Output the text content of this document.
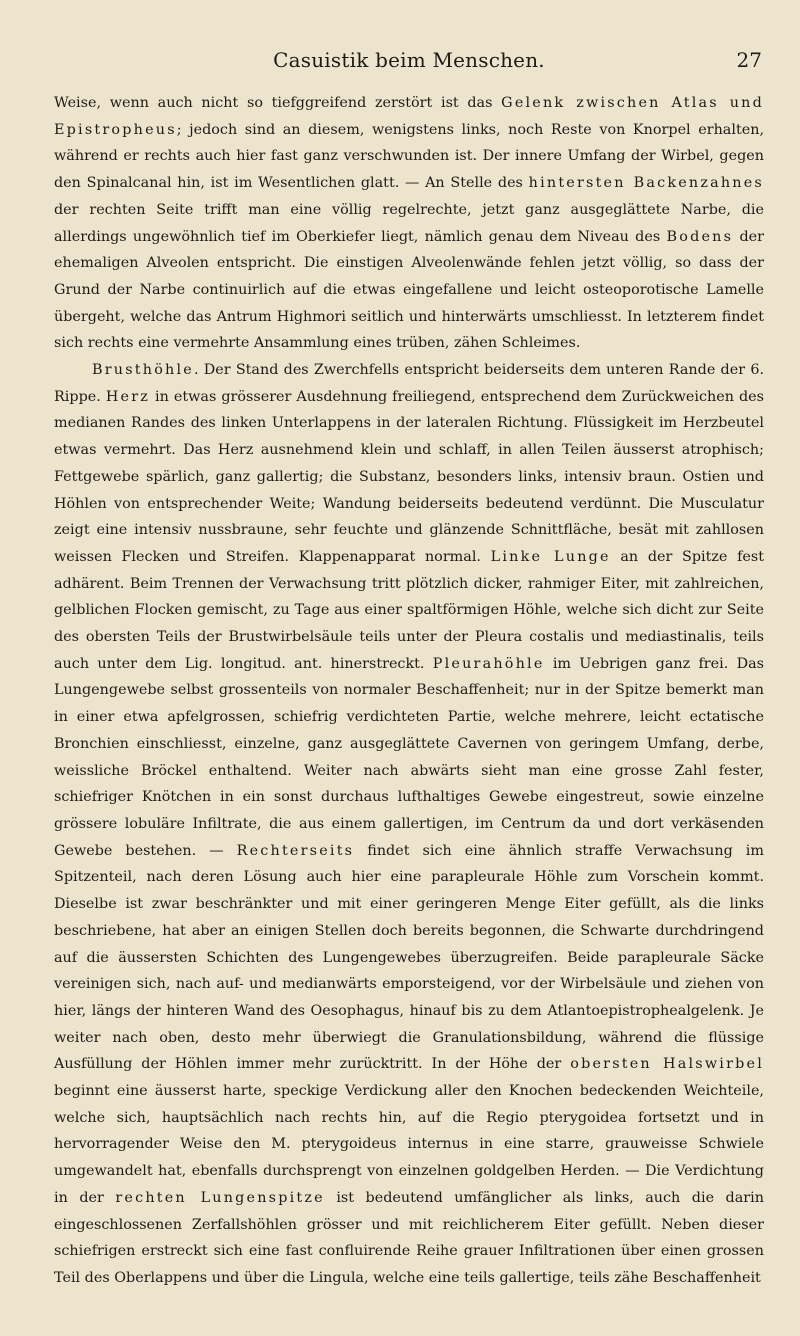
Casuistik beim Menschen.	27

Weise, wenn auch nicht so tiefggreifend zerstört ist das Gelenk zwischen Atlas und Epistropheus; jedoch sind an diesem, wenigstens links, noch Reste von Knorpel erhalten, während er rechts auch hier fast ganz verschwunden ist. Der innere Umfang der Wirbel, gegen den Spinalcanal hin, ist im Wesentlichen glatt. — An Stelle des hintersten Backenzahnes der rechten Seite trifft man eine völlig regelrechte, jetzt ganz ausgeglättete Narbe, die allerdings ungewöhnlich tief im Oberkiefer liegt, nämlich genau dem Niveau des Bodens der ehemaligen Alveolen entspricht. Die einstigen Alveolenwände fehlen jetzt völlig, so dass der Grund der Narbe continuirlich auf die etwas eingefallene und leicht osteoporotische Lamelle übergeht, welche das Antrum Highmori seitlich und hinterwärts umschliesst. In letzterem findet sich rechts eine vermehrte Ansammlung eines trüben, zähen Schleimes.

Brusthöhle. Der Stand des Zwerchfells entspricht beiderseits dem unteren Rande der 6. Rippe. Herz in etwas grösserer Ausdehnung freiliegend, entsprechend dem Zurückweichen des medianen Randes des linken Unterlappens in der lateralen Richtung. Flüssigkeit im Herzbeutel etwas vermehrt. Das Herz ausnehmend klein und schlaff, in allen Teilen äusserst atrophisch; Fettgewebe spärlich, ganz gallertig; die Substanz, besonders links, intensiv braun. Ostien und Höhlen von entsprechender Weite; Wandung beiderseits bedeutend verdünnt. Die Musculatur zeigt eine intensiv nussbraune, sehr feuchte und glänzende Schnittfläche, besät mit zahllosen weissen Flecken und Streifen. Klappenapparat normal. Linke Lunge an der Spitze fest adhärent. Beim Trennen der Verwachsung tritt plötzlich dicker, rahmiger Eiter, mit zahlreichen, gelblichen Flocken gemischt, zu Tage aus einer spaltförmigen Höhle, welche sich dicht zur Seite des obersten Teils der Brustwirbelsäule teils unter der Pleura costalis und mediastinalis, teils auch unter dem Lig. longitud. ant. hinerstreckt. Pleurahöhle im Uebrigen ganz frei. Das Lungengewebe selbst grossenteils von normaler Beschaffenheit; nur in der Spitze bemerkt man in einer etwa apfelgrossen, schiefrig verdichteten Partie, welche mehrere, leicht ectatische Bronchien einschliesst, einzelne, ganz ausgeglättete Cavernen von geringem Umfang, derbe, weissliche Bröckel enthaltend. Weiter nach abwärts sieht man eine grosse Zahl fester, schiefriger Knötchen in ein sonst durchaus lufthaltiges Gewebe eingestreut, sowie einzelne grössere lobuläre Infiltrate, die aus einem gallertigen, im Centrum da und dort verkäsenden Gewebe bestehen. — Rechterseits findet sich eine ähnlich straffe Verwachsung im Spitzenteil, nach deren Lösung auch hier eine parapleurale Höhle zum Vorschein kommt. Dieselbe ist zwar beschränkter und mit einer geringeren Menge Eiter gefüllt, als die links beschriebene, hat aber an einigen Stellen doch bereits begonnen, die Schwarte durchdringend auf die äussersten Schichten des Lungengewebes überzugreifen. Beide parapleurale Säcke vereinigen sich, nach auf- und medianwärts emporsteigend, vor der Wirbelsäule und ziehen von hier, längs der hinteren Wand des Oesophagus, hinauf bis zu dem Atlantoepistrophealgelenk. Je weiter nach oben, desto mehr überwiegt die Granulationsbildung, während die flüssige Ausfüllung der Höhlen immer mehr zurücktritt. In der Höhe der obersten Halswirbel beginnt eine äusserst harte, speckige Verdickung aller den Knochen bedeckenden Weichteile, welche sich, hauptsächlich nach rechts hin, auf die Regio pterygoidea fortsetzt und in hervorragender Weise den M. pterygoideus internus in eine starre, grauweisse Schwiele umgewandelt hat, ebenfalls durchsprengt von einzelnen goldgelben Herden. — Die Verdichtung in der rechten Lungenspitze ist bedeutend umfänglicher als links, auch die darin eingeschlossenen Zerfallshöhlen grösser und mit reichlicherem Eiter gefüllt. Neben dieser schiefrigen erstreckt sich eine fast confluirende Reihe grauer Infiltrationen über einen grossen Teil des Oberlappens und über die Lingula, welche eine teils gallertige, teils zähe Beschaffenheit
